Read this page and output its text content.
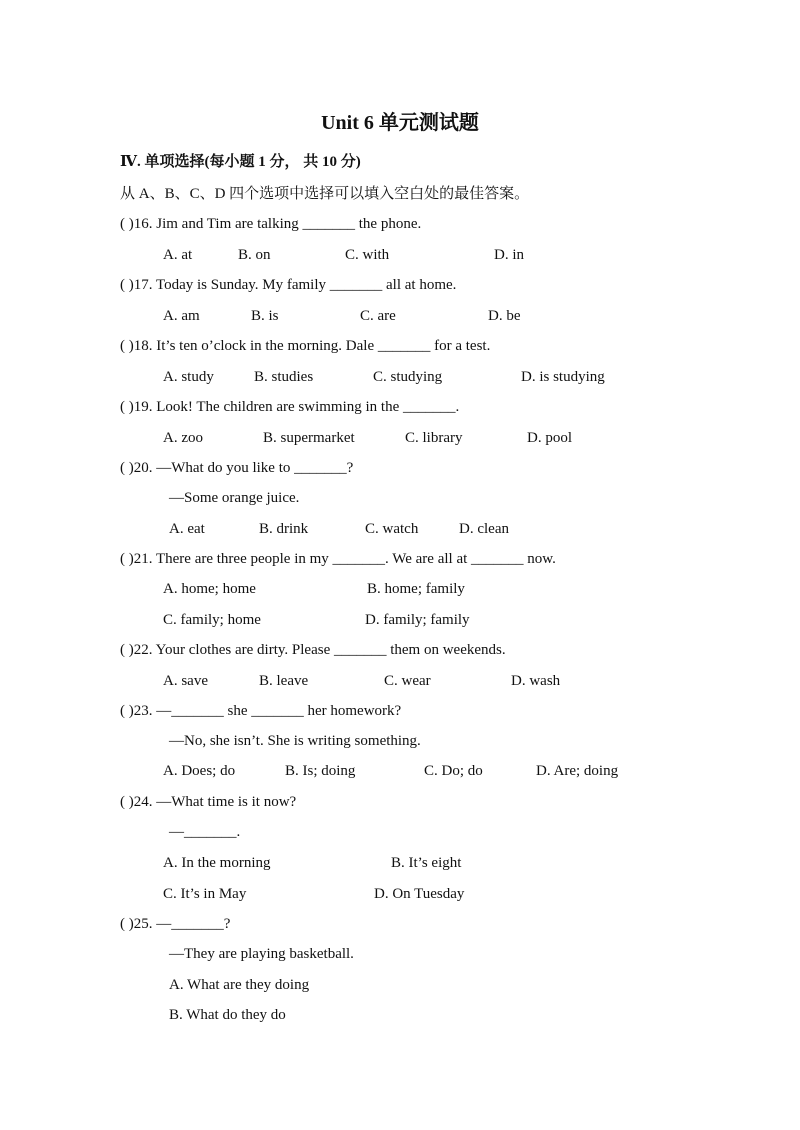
Unit 6 单元测试题
Ⅳ. 单项选择(每小题 1 分， 共 10 分)
从 A、B、C、D 四个选项中选择可以填入空白处的最佳答案。
( )16. Jim and Tim are talking _______ the phone.
A. at	B. on	C. with	D. in
( )17. Today is Sunday. My family _______ all at home.
A. am	B. is	C. are	D. be
( )18. It’s ten o’clock in the morning. Dale _______ for a test.
A. study	B. studies	C. studying	D. is studying
( )19. Look! The children are swimming in the _______.
A. zoo	B. supermarket	C. library	D. pool
( )20. —What do you like to _______?
—Some orange juice.
A. eat	B. drink	C. watch	D. clean
( )21. There are three people in my _______. We are all at _______ now.
A. home; home	B. home; family
C. family; home	D. family; family
( )22. Your clothes are dirty. Please _______ them on weekends.
A. save	B. leave	C. wear	D. wash
( )23. —_______ she _______ her homework?
—No, she isn’t. She is writing something.
A. Does; do	B. Is; doing	C. Do; do	D. Are; doing
( )24. —What time is it now?
—_______.
A. In the morning	B. It’s eight
C. It’s in May	D. On Tuesday
( )25. —_______?
—They are playing basketball.
A. What are they doing
B. What do they do
